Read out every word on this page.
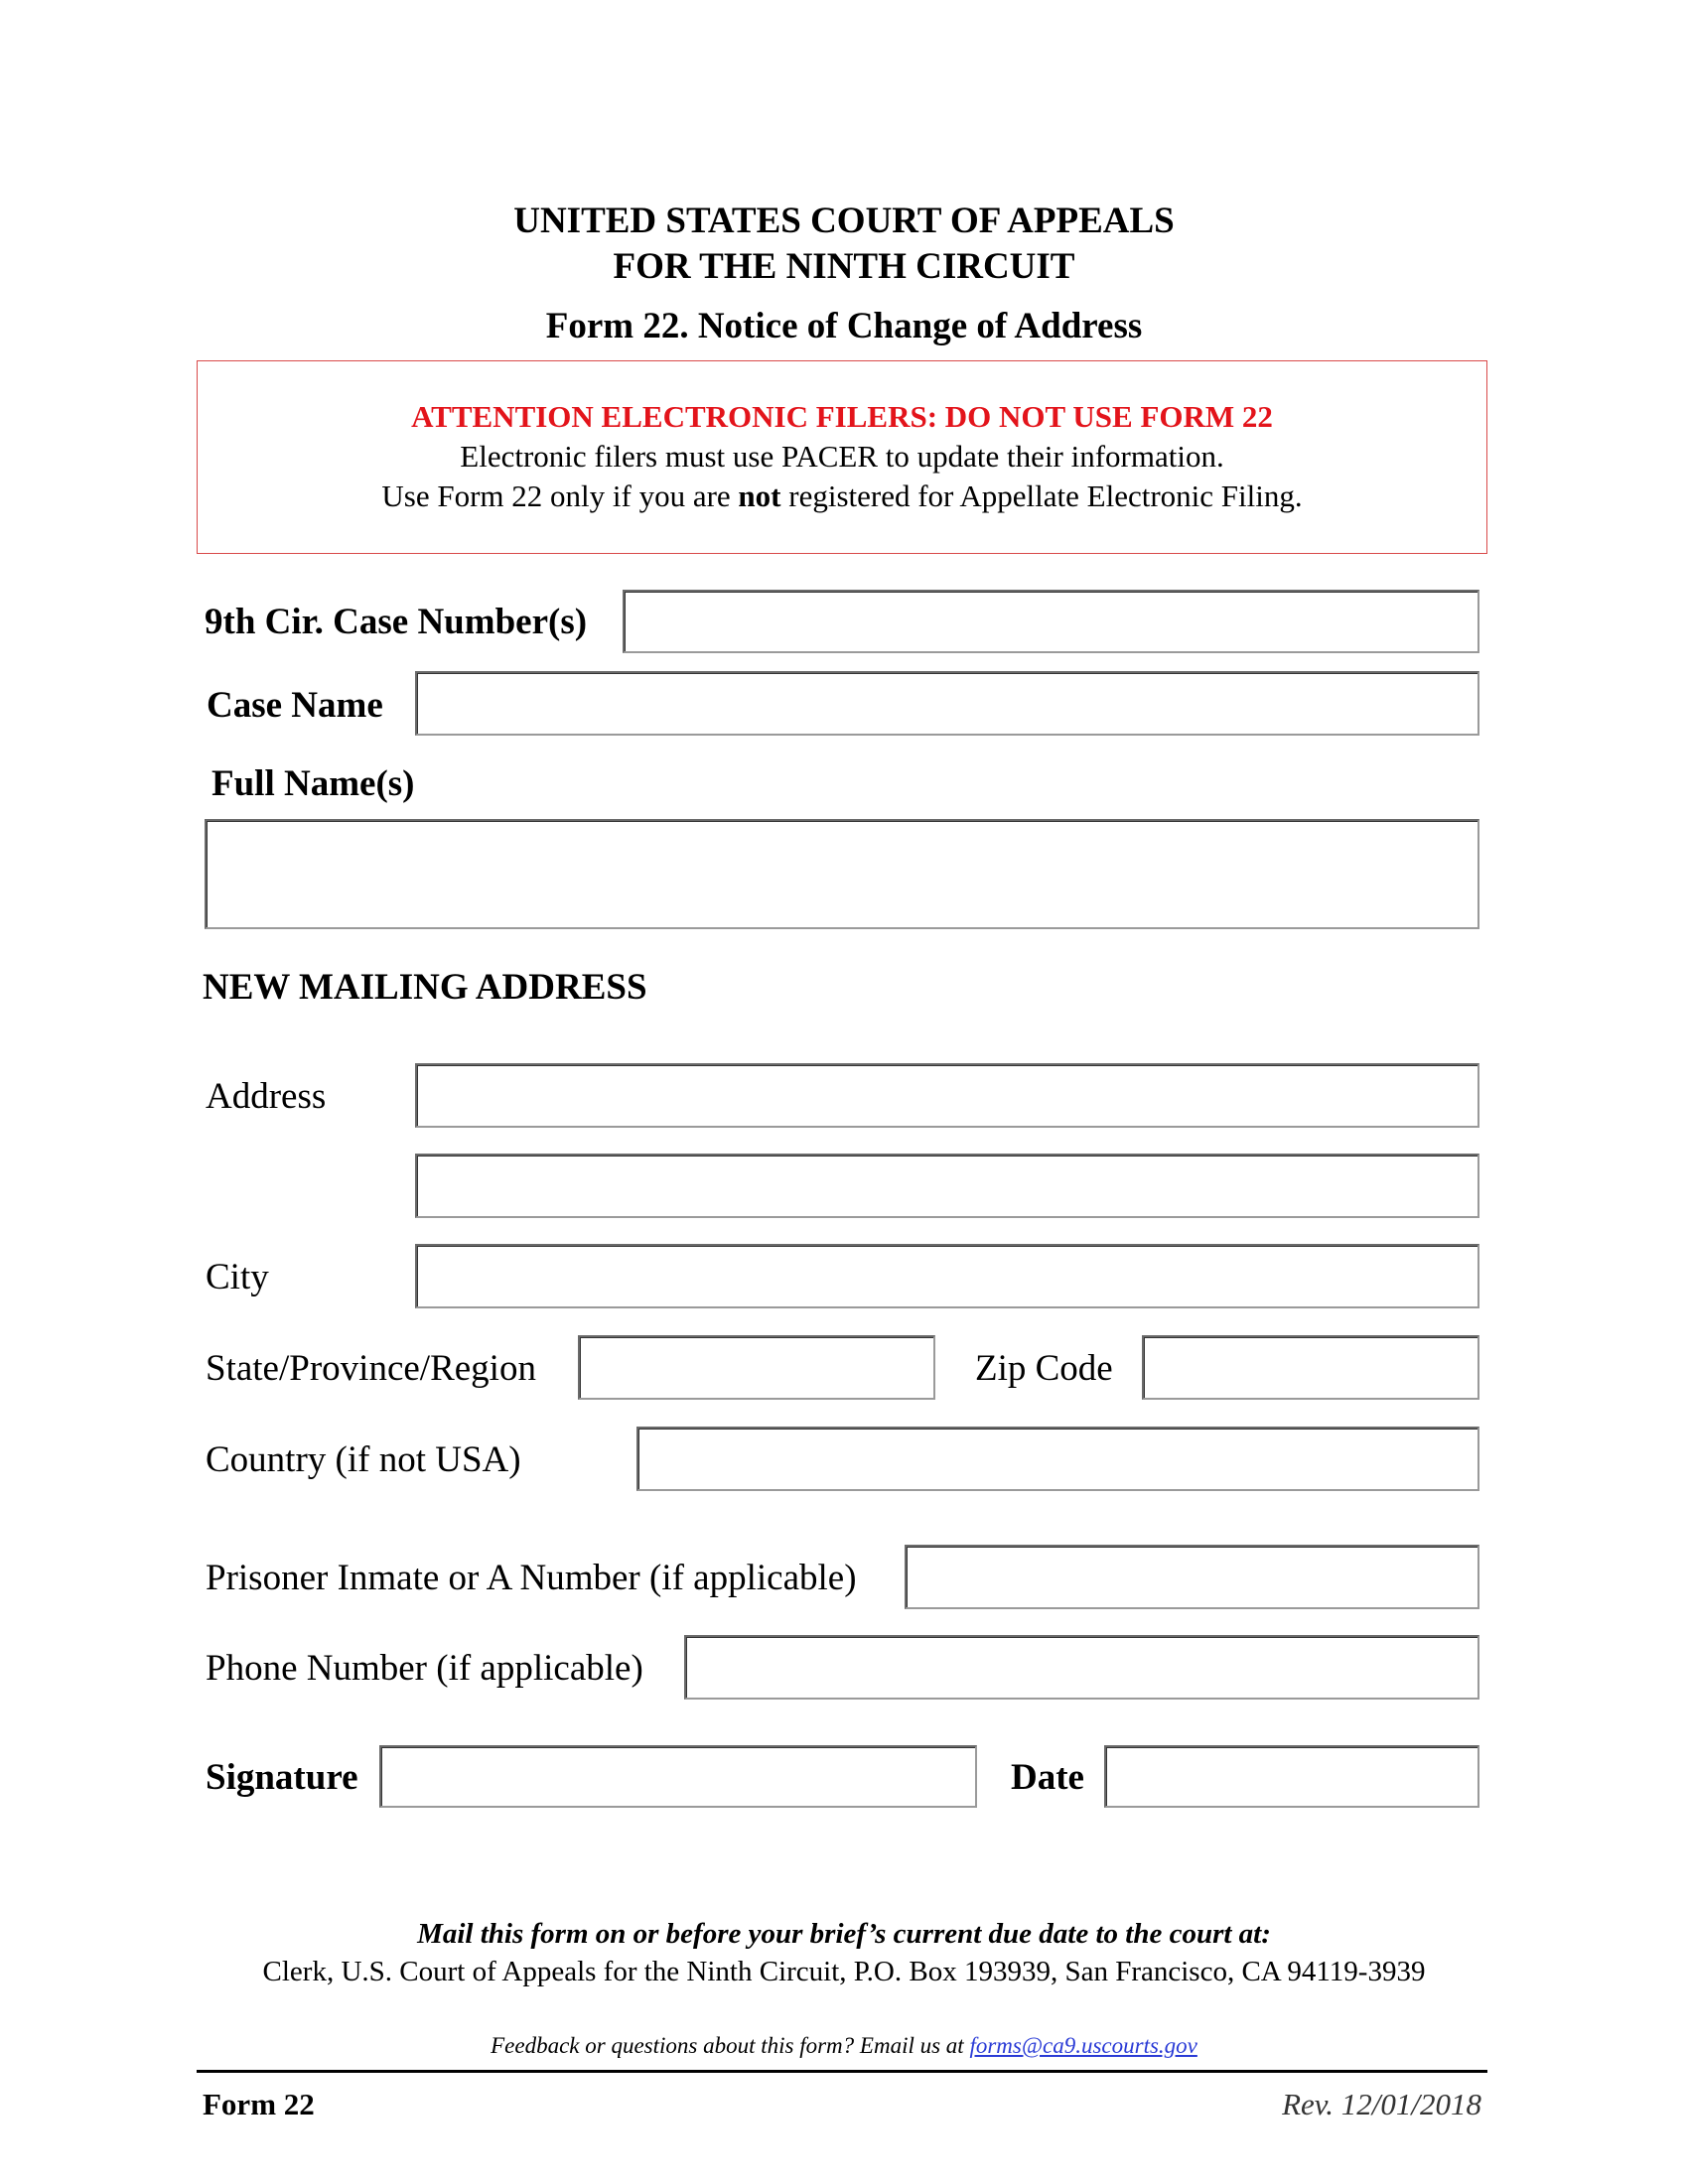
UNITED STATES COURT OF APPEALS
FOR THE NINTH CIRCUIT
Form 22. Notice of Change of Address
ATTENTION ELECTRONIC FILERS: DO NOT USE FORM 22
Electronic filers must use PACER to update their information.
Use Form 22 only if you are not registered for Appellate Electronic Filing.
9th Cir. Case Number(s)
Case Name
Full Name(s)
NEW MAILING ADDRESS
Address
City
State/Province/Region	Zip Code
Country (if not USA)
Prisoner Inmate or A Number (if applicable)
Phone Number (if applicable)
Signature	Date
Mail this form on or before your brief’s current due date to the court at:
Clerk, U.S. Court of Appeals for the Ninth Circuit, P.O. Box 193939, San Francisco, CA 94119-3939
Feedback or questions about this form? Email us at forms@ca9.uscourts.gov
Form 22	Rev. 12/01/2018
